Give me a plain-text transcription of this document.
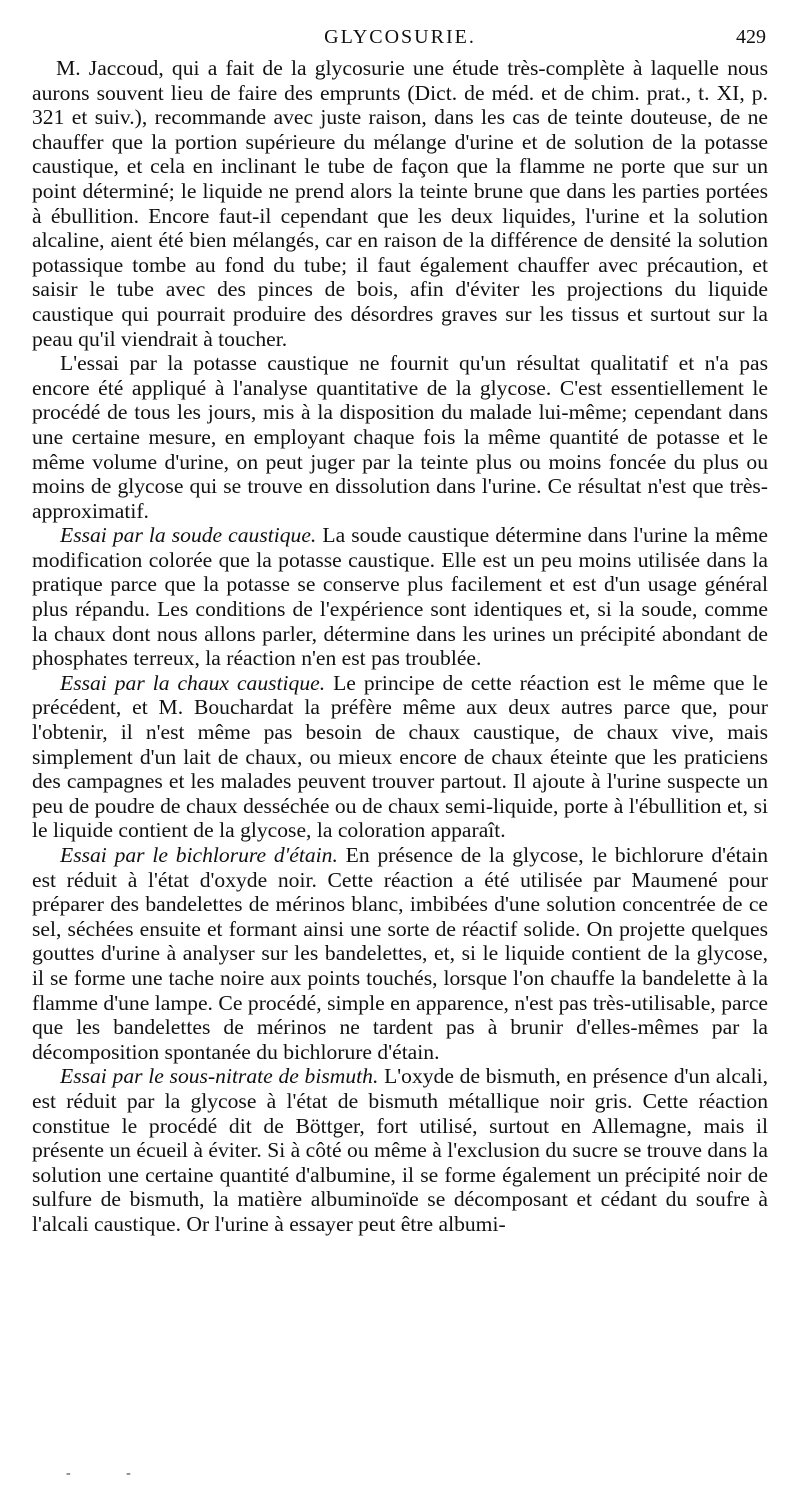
GLYCOSURIE.	429

M. Jaccoud, qui a fait de la glycosurie une étude très-complète à laquelle nous aurons souvent lieu de faire des emprunts (Dict. de méd. et de chim. prat., t. XI, p. 321 et suiv.), recommande avec juste raison, dans les cas de teinte douteuse, de ne chauffer que la portion supérieure du mélange d'urine et de solution de la potasse caustique, et cela en inclinant le tube de façon que la flamme ne porte que sur un point déterminé; le liquide ne prend alors la teinte brune que dans les parties portées à ébullition. Encore faut-il cependant que les deux liquides, l'urine et la solution alcaline, aient été bien mélangés, car en raison de la différence de densité la solution potassique tombe au fond du tube; il faut également chauffer avec précaution, et saisir le tube avec des pinces de bois, afin d'éviter les projections du liquide caustique qui pourrait produire des désordres graves sur les tissus et surtout sur la peau qu'il viendrait à toucher.

L'essai par la potasse caustique ne fournit qu'un résultat qualitatif et n'a pas encore été appliqué à l'analyse quantitative de la glycose. C'est essentiellement le procédé de tous les jours, mis à la disposition du malade lui-même; cependant dans une certaine mesure, en employant chaque fois la même quantité de potasse et le même volume d'urine, on peut juger par la teinte plus ou moins foncée du plus ou moins de glycose qui se trouve en dissolution dans l'urine. Ce résultat n'est que très-approximatif.

Essai par la soude caustique. La soude caustique détermine dans l'urine la même modification colorée que la potasse caustique. Elle est un peu moins utilisée dans la pratique parce que la potasse se conserve plus facilement et est d'un usage général plus répandu. Les conditions de l'expérience sont identiques et, si la soude, comme la chaux dont nous allons parler, détermine dans les urines un précipité abondant de phosphates terreux, la réaction n'en est pas troublée.

Essai par la chaux caustique. Le principe de cette réaction est le même que le précédent, et M. Bouchardat la préfère même aux deux autres parce que, pour l'obtenir, il n'est même pas besoin de chaux caustique, de chaux vive, mais simplement d'un lait de chaux, ou mieux encore de chaux éteinte que les praticiens des campagnes et les malades peuvent trouver partout. Il ajoute à l'urine suspecte un peu de poudre de chaux desséchée ou de chaux semi-liquide, porte à l'ébullition et, si le liquide contient de la glycose, la coloration apparaît.

Essai par le bichlorure d'étain. En présence de la glycose, le bichlorure d'étain est réduit à l'état d'oxyde noir. Cette réaction a été utilisée par Maumené pour préparer des bandelettes de mérinos blanc, imbibées d'une solution concentrée de ce sel, séchées ensuite et formant ainsi une sorte de réactif solide. On projette quelques gouttes d'urine à analyser sur les bandelettes, et, si le liquide contient de la glycose, il se forme une tache noire aux points touchés, lorsque l'on chauffe la bandelette à la flamme d'une lampe. Ce procédé, simple en apparence, n'est pas très-utilisable, parce que les bandelettes de mérinos ne tardent pas à brunir d'elles-mêmes par la décomposition spontanée du bichlorure d'étain.

Essai par le sous-nitrate de bismuth. L'oxyde de bismuth, en présence d'un alcali, est réduit par la glycose à l'état de bismuth métallique noir gris. Cette réaction constitue le procédé dit de Böttger, fort utilisé, surtout en Allemagne, mais il présente un écueil à éviter. Si à côté ou même à l'exclusion du sucre se trouve dans la solution une certaine quantité d'albumine, il se forme également un précipité noir de sulfure de bismuth, la matière albuminoïde se décomposant et cédant du soufre à l'alcali caustique. Or l'urine à essayer peut être albumi-

- -
